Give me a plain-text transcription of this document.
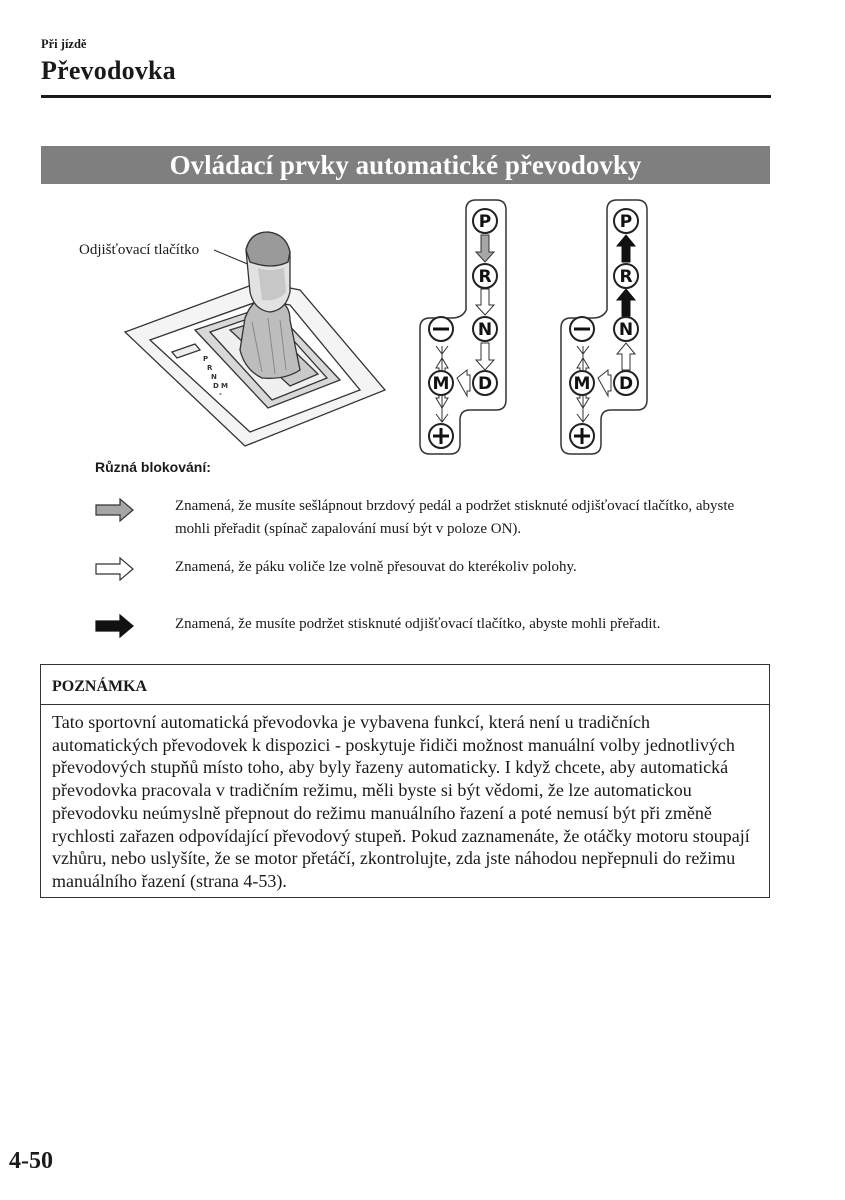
Při jízdě
Převodovka
Ovládací prvky automatické převodovky
Odjišťovací tlačítko
P
R
N
D M
-
P
R
N
D
M
P
R
N
D
M
Různá blokování:
Znamená, že musíte sešlápnout brzdový pedál a podržet stisknuté odjišťovací tlačítko, abyste mohli přeřadit (spínač zapalování musí být v poloze ON).
Znamená, že páku voliče lze volně přesouvat do kterékoliv polohy.
Znamená, že musíte podržet stisknuté odjišťovací tlačítko, abyste mohli přeřadit.
POZNÁMKA
Tato sportovní automatická převodovka je vybavena funkcí, která není u tradičních automatických převodovek k dispozici - poskytuje řidiči možnost manuální volby jednotlivých převodových stupňů místo toho, aby byly řazeny automaticky. I když chcete, aby automatická převodovka pracovala v tradičním režimu, měli byste si být vědomi, že lze automatickou převodovku neúmyslně přepnout do režimu manuálního řazení a poté nemusí být při změně rychlosti zařazen odpovídající převodový stupeň. Pokud zaznamenáte, že otáčky motoru stoupají vzhůru, nebo uslyšíte, že se motor přetáčí, zkontrolujte, zda jste náhodou nepřepnuli do režimu manuálního řazení (strana 4-53).
4-50
